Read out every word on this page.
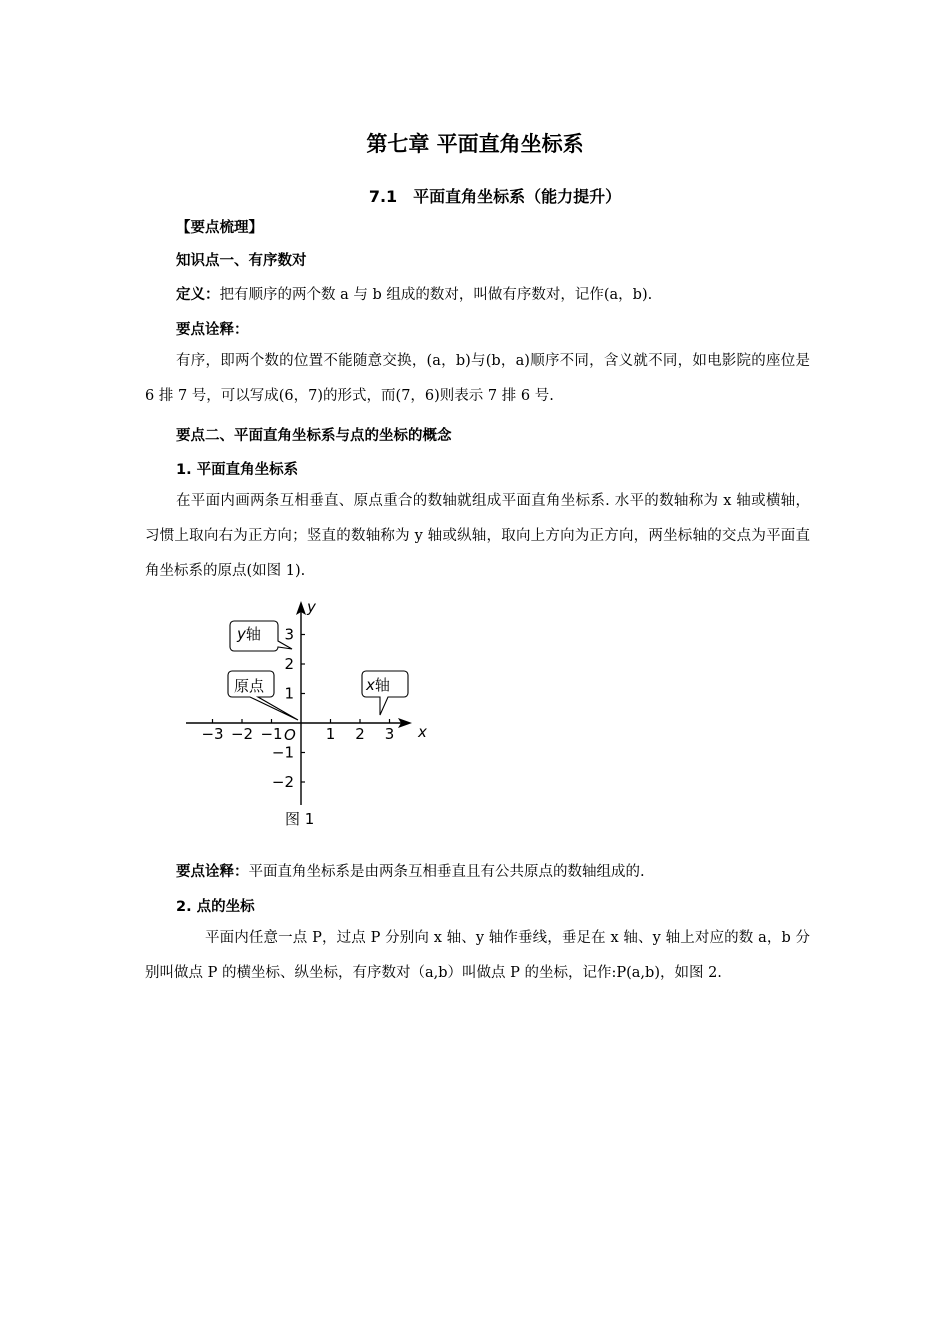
第七章 平面直角坐标系
7.1　平面直角坐标系（能力提升）
【要点梳理】
知识点一、有序数对
定义：把有顺序的两个数 a 与 b 组成的数对，叫做有序数对，记作(a，b).
要点诠释：
有序，即两个数的位置不能随意交换，(a，b)与(b，a)顺序不同，含义就不同，如电影院的座位是 6 排 7 号，可以写成(6，7)的形式，而(7，6)则表示 7 排 6 号.
要点二、平面直角坐标系与点的坐标的概念
1. 平面直角坐标系
在平面内画两条互相垂直、原点重合的数轴就组成平面直角坐标系. 水平的数轴称为 x 轴或横轴，习惯上取向右为正方向；竖直的数轴称为 y 轴或纵轴，取向上方向为正方向，两坐标轴的交点为平面直角坐标系的原点(如图 1).
−3 −2 −1	1 2 3
3
2
1
−1
−2
y
x
O
y轴
原点	x轴
图 1
要点诠释：平面直角坐标系是由两条互相垂直且有公共原点的数轴组成的.
2. 点的坐标
平面内任意一点 P，过点 P 分别向 x 轴、y 轴作垂线，垂足在 x 轴、y 轴上对应的数 a，b 分别叫做点 P 的横坐标、纵坐标，有序数对（a,b）叫做点 P 的坐标，记作:P(a,b)，如图 2.
